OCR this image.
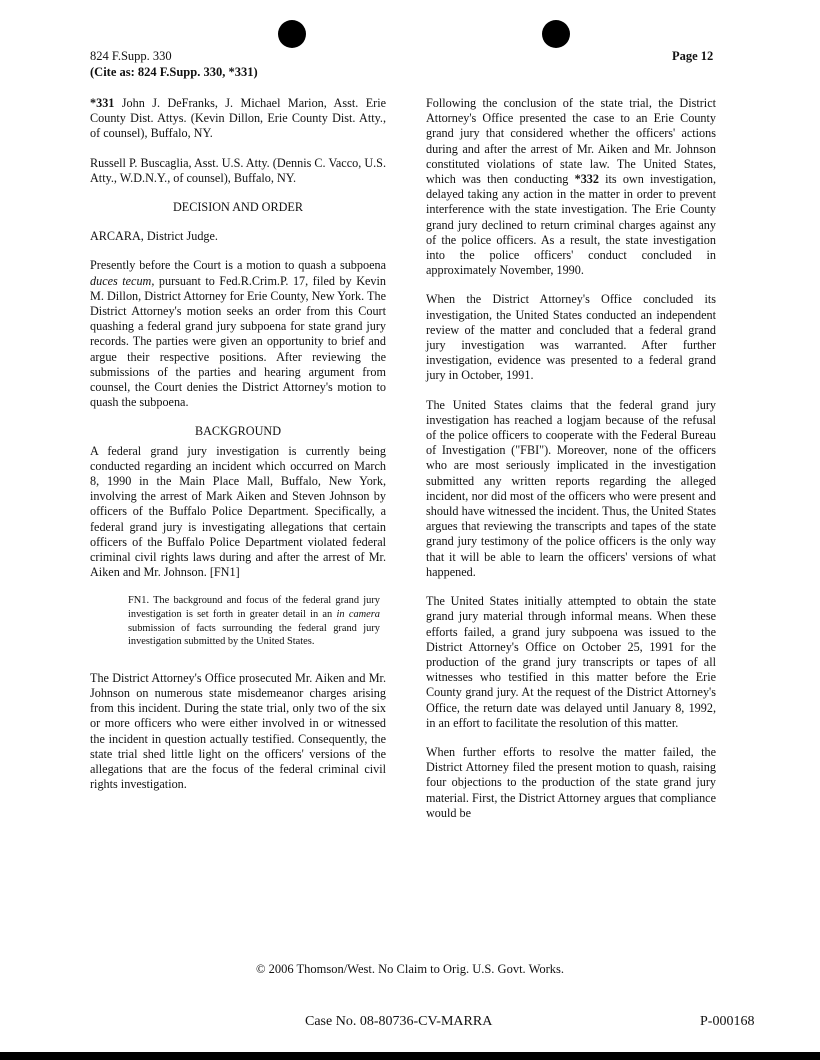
824 F.Supp. 330
(Cite as: 824 F.Supp. 330, *331)
Page 12

*331 John J. DeFranks, J. Michael Marion, Asst. Erie County Dist. Attys. (Kevin Dillon, Erie County Dist. Atty., of counsel), Buffalo, NY.

Russell P. Buscaglia, Asst. U.S. Atty. (Dennis C. Vacco, U.S. Atty., W.D.N.Y., of counsel), Buffalo, NY.

DECISION AND ORDER

ARCARA, District Judge.

Presently before the Court is a motion to quash a subpoena duces tecum, pursuant to Fed.R.Crim.P. 17, filed by Kevin M. Dillon, District Attorney for Erie County, New York. The District Attorney's motion seeks an order from this Court quashing a federal grand jury subpoena for state grand jury records. The parties were given an opportunity to brief and argue their respective positions. After reviewing the submissions of the parties and hearing argument from counsel, the Court denies the District Attorney's motion to quash the subpoena.

BACKGROUND

A federal grand jury investigation is currently being conducted regarding an incident which occurred on March 8, 1990 in the Main Place Mall, Buffalo, New York, involving the arrest of Mark Aiken and Steven Johnson by officers of the Buffalo Police Department. Specifically, a federal grand jury is investigating allegations that certain officers of the Buffalo Police Department violated federal criminal civil rights laws during and after the arrest of Mr. Aiken and Mr. Johnson. [FN1]

FN1. The background and focus of the federal grand jury investigation is set forth in greater detail in an in camera submission of facts surrounding the federal grand jury investigation submitted by the United States.

The District Attorney's Office prosecuted Mr. Aiken and Mr. Johnson on numerous state misdemeanor charges arising from this incident. During the state trial, only two of the six or more officers who were either involved in or witnessed the incident in question actually testified. Consequently, the state trial shed little light on the officers' versions of the allegations that are the focus of the federal criminal civil rights investigation.

Following the conclusion of the state trial, the District Attorney's Office presented the case to an Erie County grand jury that considered whether the officers' actions during and after the arrest of Mr. Aiken and Mr. Johnson constituted violations of state law. The United States, which was then conducting *332 its own investigation, delayed taking any action in the matter in order to prevent interference with the state investigation. The Erie County grand jury declined to return criminal charges against any of the police officers. As a result, the state investigation into the police officers' conduct concluded in approximately November, 1990.

When the District Attorney's Office concluded its investigation, the United States conducted an independent review of the matter and concluded that a federal grand jury investigation was warranted. After further investigation, evidence was presented to a federal grand jury in October, 1991.

The United States claims that the federal grand jury investigation has reached a logjam because of the refusal of the police officers to cooperate with the Federal Bureau of Investigation ("FBI"). Moreover, none of the officers who are most seriously implicated in the investigation submitted any written reports regarding the alleged incident, nor did most of the officers who were present and should have witnessed the incident. Thus, the United States argues that reviewing the transcripts and tapes of the state grand jury testimony of the police officers is the only way that it will be able to learn the officers' versions of what happened.

The United States initially attempted to obtain the state grand jury material through informal means. When these efforts failed, a grand jury subpoena was issued to the District Attorney's Office on October 25, 1991 for the production of the grand jury transcripts or tapes of all witnesses who testified in this matter before the Erie County grand jury. At the request of the District Attorney's Office, the return date was delayed until January 8, 1992, in an effort to facilitate the resolution of this matter.

When further efforts to resolve the matter failed, the District Attorney filed the present motion to quash, raising four objections to the production of the state grand jury material. First, the District Attorney argues that compliance would be

© 2006 Thomson/West. No Claim to Orig. U.S. Govt. Works.
Case No. 08-80736-CV-MARRA	P-000168
